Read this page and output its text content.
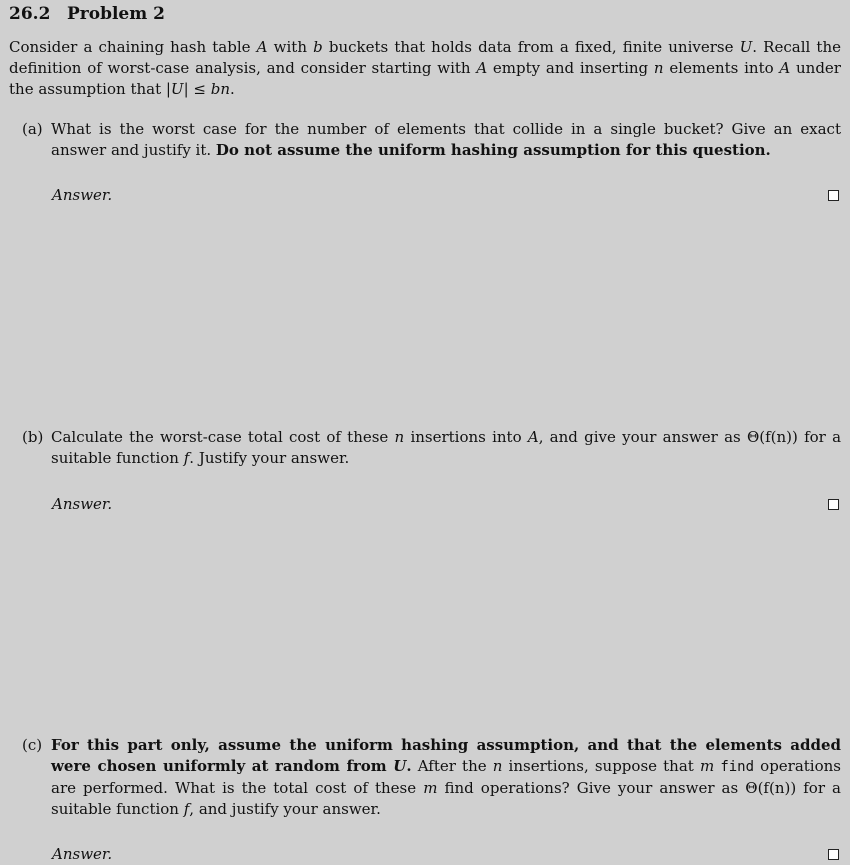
26.2 Problem 2
Consider a chaining hash table A with b buckets that holds data from a fixed, finite universe U. Recall the definition of worst-case analysis, and consider starting with A empty and inserting n elements into A under the assumption that |U| ≤ bn.
(a) What is the worst case for the number of elements that collide in a single bucket? Give an exact answer and justify it. Do not assume the uniform hashing assumption for this question.
Answer.
(b) Calculate the worst-case total cost of these n insertions into A, and give your answer as Θ(f(n)) for a suitable function f. Justify your answer.
Answer.
(c) For this part only, assume the uniform hashing assumption, and that the elements added were chosen uniformly at random from U. After the n insertions, suppose that m find operations are performed. What is the total cost of these m find operations? Give your answer as Θ(f(n)) for a suitable function f, and justify your answer.
Answer.
